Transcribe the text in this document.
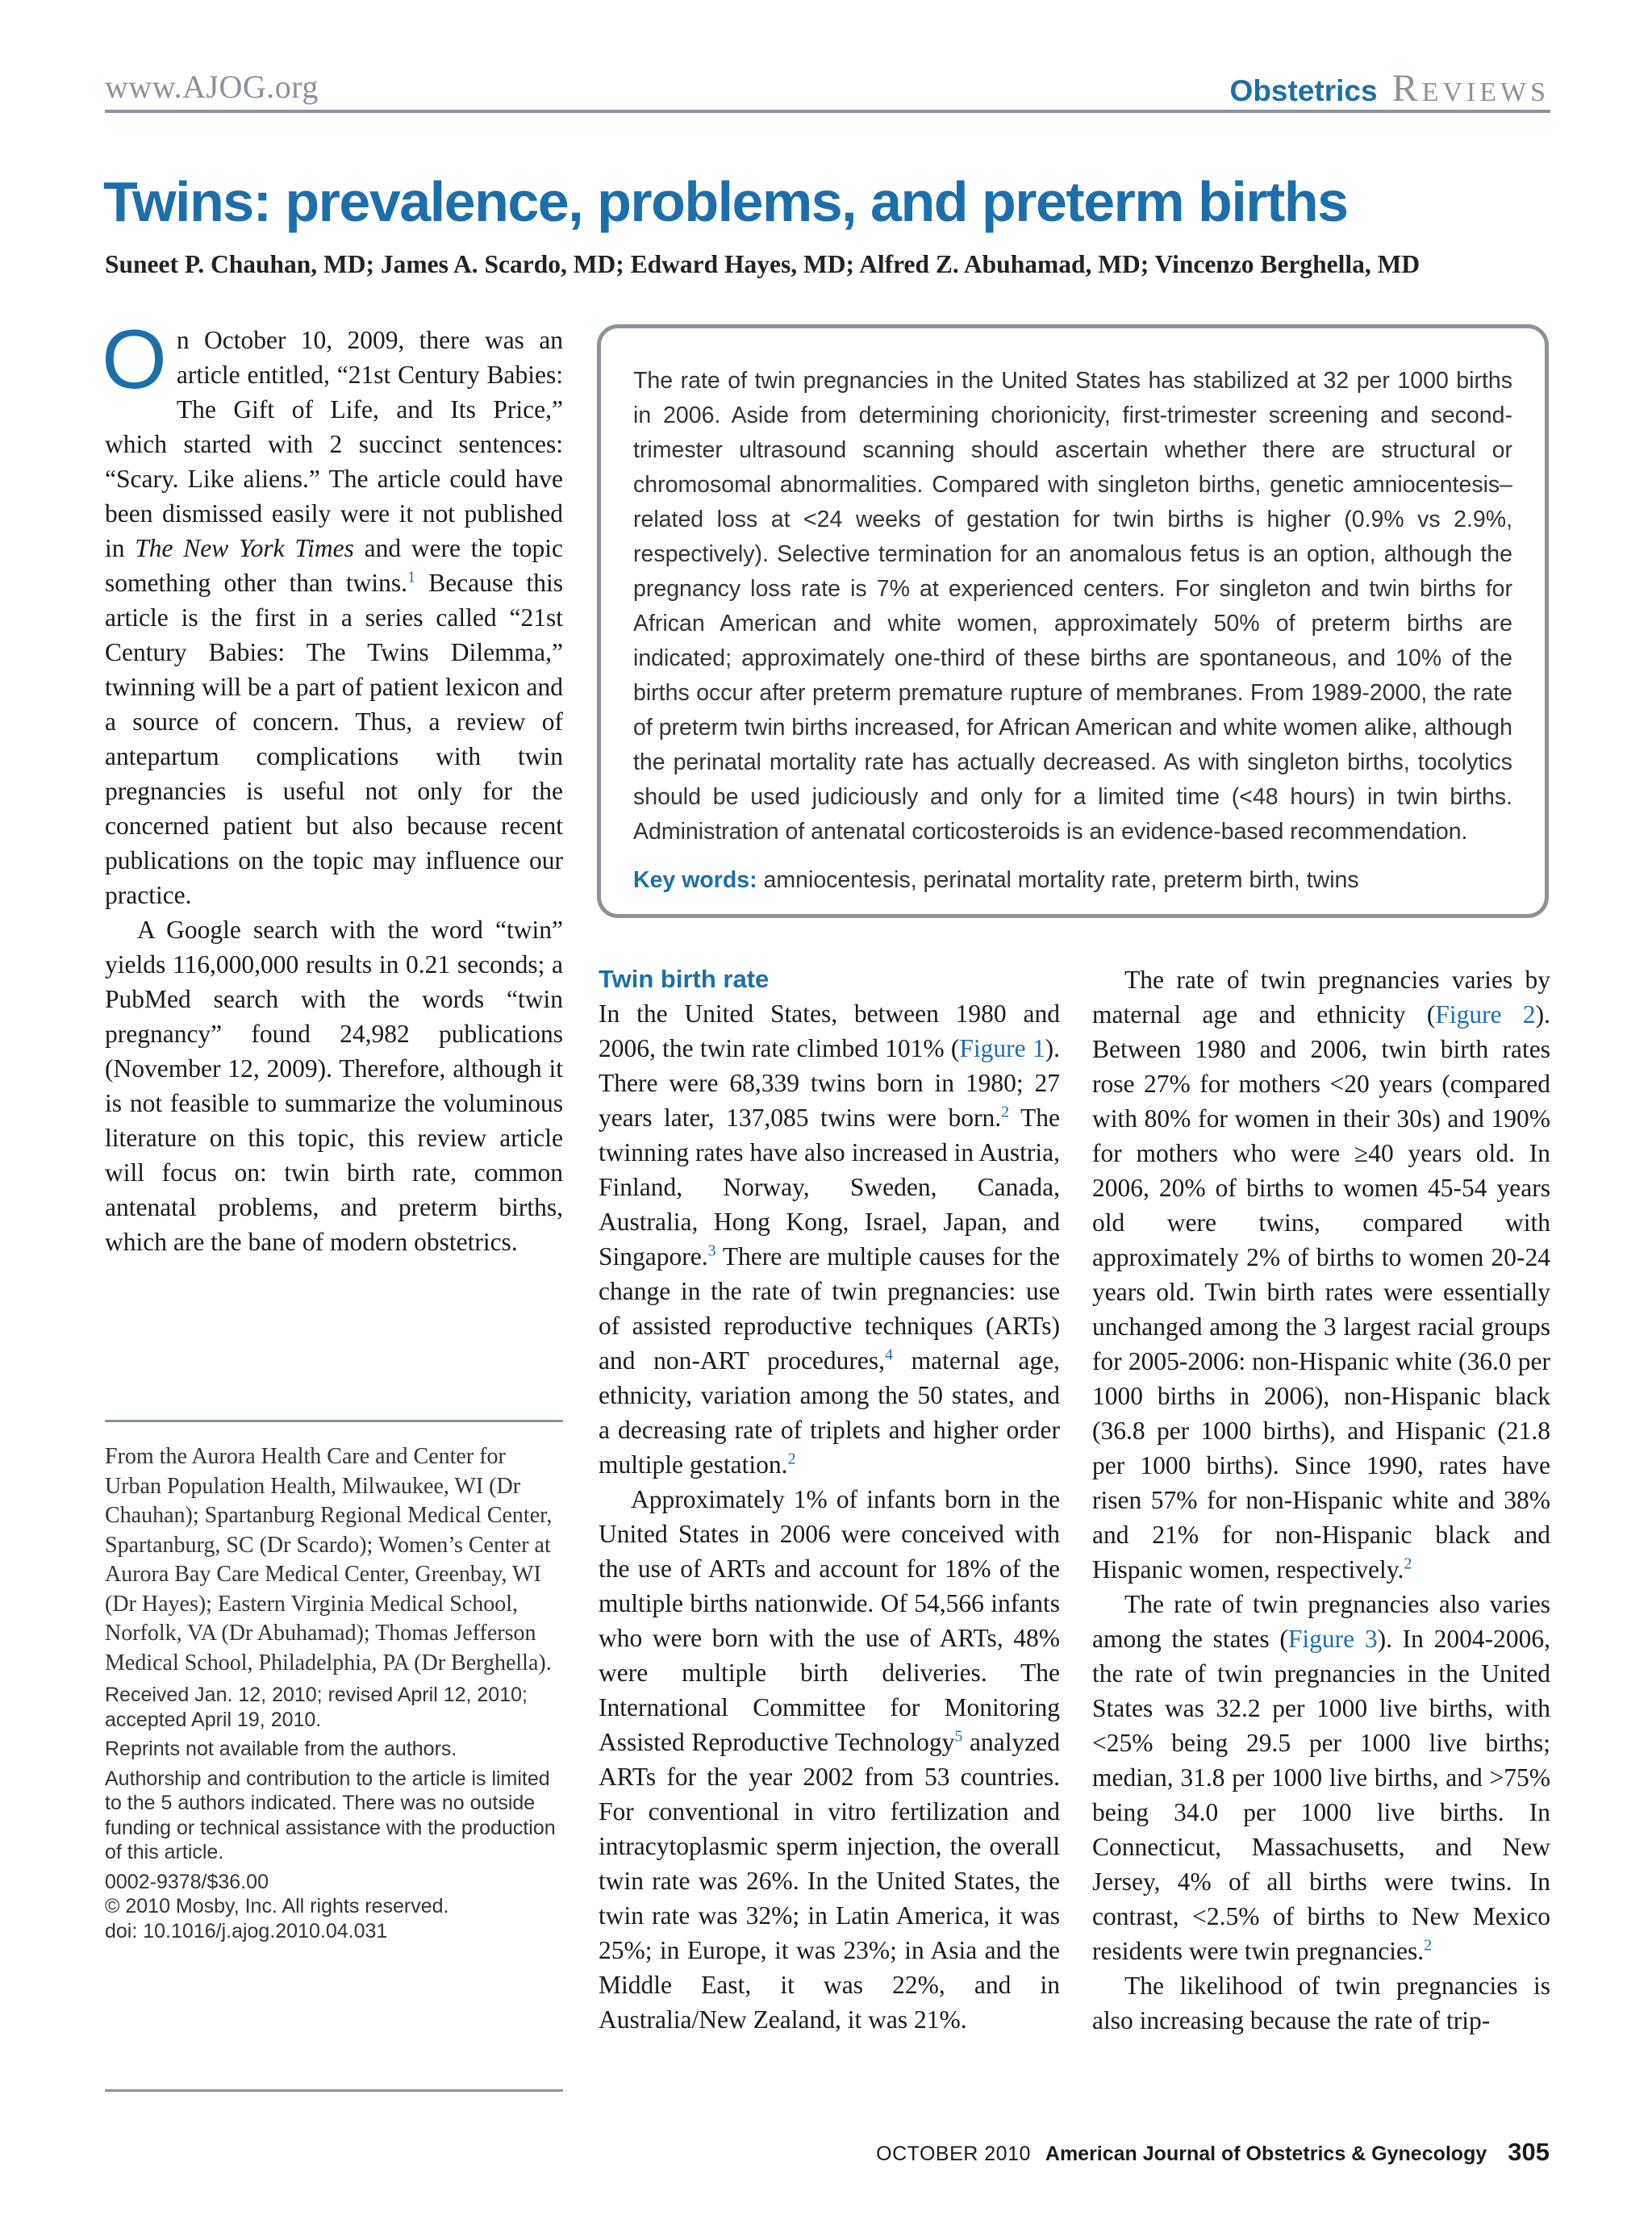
www.AJOG.org	Obstetrics Reviews
Twins: prevalence, problems, and preterm births
Suneet P. Chauhan, MD; James A. Scardo, MD; Edward Hayes, MD; Alfred Z. Abuhamad, MD; Vincenzo Berghella, MD

On October 10, 2009, there was an article entitled, “21st Century Babies: The Gift of Life, and Its Price,” which started with 2 succinct sentences: “Scary. Like aliens.” The article could have been dismissed easily were it not published in The New York Times and were the topic something other than twins.$^1$ Because this article is the first in a series called “21st Century Babies: The Twins Dilemma,” twinning will be a part of patient lexicon and a source of concern. Thus, a review of antepartum complications with twin pregnancies is useful not only for the concerned patient but also because recent publications on the topic may influence our practice.

A Google search with the word “twin” yields 116,000,000 results in 0.21 seconds; a PubMed search with the words “twin pregnancy” found 24,982 publications (November 12, 2009). Therefore, although it is not feasible to summarize the voluminous literature on this topic, this review article will focus on: twin birth rate, common antenatal problems, and preterm births, which are the bane of modern obstetrics.

The rate of twin pregnancies in the United States has stabilized at 32 per 1000 births in 2006. Aside from determining chorionicity, first-trimester screening and second-trimester ultrasound scanning should ascertain whether there are structural or chromosomal abnormalities. Compared with singleton births, genetic amniocentesis–related loss at <24 weeks of gestation for twin births is higher (0.9% vs 2.9%, respectively). Selective termination for an anomalous fetus is an option, although the pregnancy loss rate is 7% at experienced centers. For singleton and twin births for African American and white women, approximately 50% of preterm births are indicated; approximately one-third of these births are spontaneous, and 10% of the births occur after preterm premature rupture of membranes. From 1989-2000, the rate of preterm twin births increased, for African American and white women alike, although the perinatal mortality rate has actually decreased. As with singleton births, tocolytics should be used judiciously and only for a limited time (<48 hours) in twin births. Administration of antenatal corticosteroids is an evidence-based recommendation.
Key words: amniocentesis, perinatal mortality rate, preterm birth, twins
Twin birth rate

In the United States, between 1980 and 2006, the twin rate climbed 101% (Figure 1). There were 68,339 twins born in 1980; 27 years later, 137,085 twins were born.$^2$ The twinning rates have also increased in Austria, Finland, Norway, Sweden, Canada, Australia, Hong Kong, Israel, Japan, and Singapore.$^3$ There are multiple causes for the change in the rate of twin pregnancies: use of assisted reproductive techniques (ARTs) and non-ART procedures,$^4$ maternal age, ethnicity, variation among the 50 states, and a decreasing rate of triplets and higher order multiple gestation.$^2$

Approximately 1% of infants born in the United States in 2006 were conceived with the use of ARTs and account for 18% of the multiple births nationwide. Of 54,566 infants who were born with the use of ARTs, 48% were multiple birth deliveries. The International Committee for Monitoring Assisted Reproductive Technology$^5$ analyzed ARTs for the year 2002 from 53 countries. For conventional in vitro fertilization and intracytoplasmic sperm injection, the overall twin rate was 26%. In the United States, the twin rate was 32%; in Latin America, it was 25%; in Europe, it was 23%; in Asia and the Middle East, it was 22%, and in Australia/New Zealand, it was 21%.

The rate of twin pregnancies varies by maternal age and ethnicity (Figure 2). Between 1980 and 2006, twin birth rates rose 27% for mothers <20 years (compared with 80% for women in their 30s) and 190% for mothers who were ≥40 years old. In 2006, 20% of births to women 45-54 years old were twins, compared with approximately 2% of births to women 20-24 years old. Twin birth rates were essentially unchanged among the 3 largest racial groups for 2005-2006: non-Hispanic white (36.0 per 1000 births in 2006), non-Hispanic black (36.8 per 1000 births), and Hispanic (21.8 per 1000 births). Since 1990, rates have risen 57% for non-Hispanic white and 38% and 21% for non-Hispanic black and Hispanic women, respectively.$^2$

The rate of twin pregnancies also varies among the states (Figure 3). In 2004-2006, the rate of twin pregnancies in the United States was 32.2 per 1000 live births, with <25% being 29.5 per 1000 live births; median, 31.8 per 1000 live births, and >75% being 34.0 per 1000 live births. In Connecticut, Massachusetts, and New Jersey, 4% of all births were twins. In contrast, <2.5% of births to New Mexico residents were twin pregnancies.$^2$

The likelihood of twin pregnancies is also increasing because the rate of trip-

From the Aurora Health Care and Center for Urban Population Health, Milwaukee, WI (Dr Chauhan); Spartanburg Regional Medical Center, Spartanburg, SC (Dr Scardo); Women’s Center at Aurora Bay Care Medical Center, Greenbay, WI (Dr Hayes); Eastern Virginia Medical School, Norfolk, VA (Dr Abuhamad); Thomas Jefferson Medical School, Philadelphia, PA (Dr Berghella).
Received Jan. 12, 2010; revised April 12, 2010; accepted April 19, 2010.
Reprints not available from the authors.
Authorship and contribution to the article is limited to the 5 authors indicated. There was no outside funding or technical assistance with the production of this article.
0002-9378/$36.00
© 2010 Mosby, Inc. All rights reserved.
doi: 10.1016/j.ajog.2010.04.031
OCTOBER 2010 American Journal of Obstetrics & Gynecology 305
